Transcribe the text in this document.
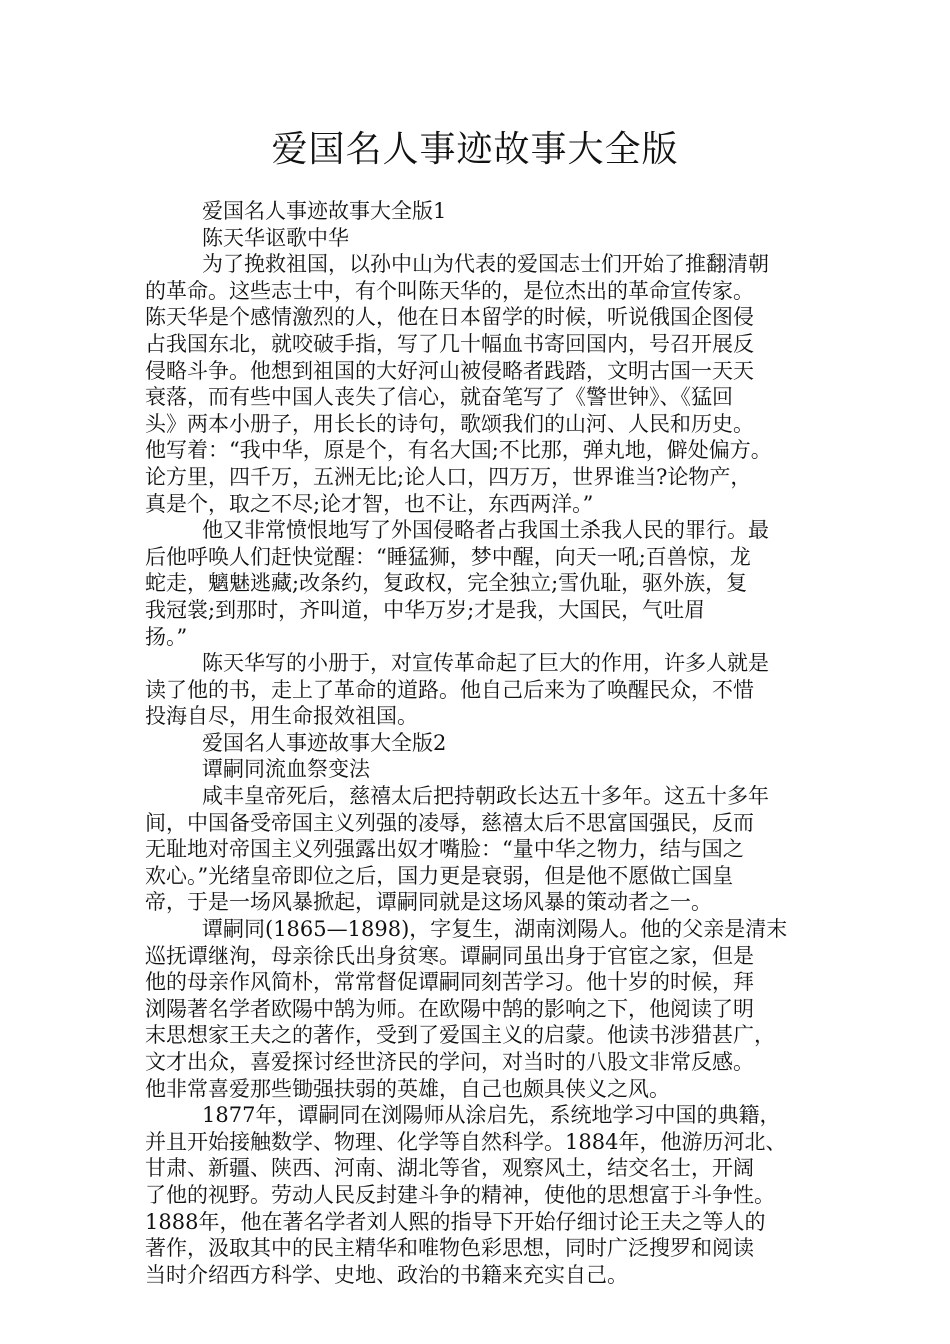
爱国名人事迹故事大全版
爱国名人事迹故事大全版1
陈天华讴歌中华
为了挽救祖国，以孙中山为代表的爱国志士们开始了推翻清朝
的革命。这些志士中，有个叫陈天华的，是位杰出的革命宣传家。
陈天华是个感情激烈的人，他在日本留学的时候，听说俄国企图侵
占我国东北，就咬破手指，写了几十幅血书寄回国内，号召开展反
侵略斗争。他想到祖国的大好河山被侵略者践踏，文明古国一天天
衰落，而有些中国人丧失了信心，就奋笔写了《警世钟》、《猛回
头》两本小册子，用长长的诗句，歌颂我们的山河、人民和历史。
他写着：“我中华，原是个，有名大国;不比那，弹丸地，僻处偏方。
论方里，四千万，五洲无比;论人口，四万万，世界谁当?论物产，
真是个，取之不尽;论才智，也不让，东西两洋。”
他又非常愤恨地写了外国侵略者占我国土杀我人民的罪行。最
后他呼唤人们赶快觉醒：“睡猛狮，梦中醒，向天一吼;百兽惊，龙
蛇走，魑魅逃藏;改条约，复政权，完全独立;雪仇耻，驱外族，复
我冠裳;到那时，齐叫道，中华万岁;才是我，大国民，气吐眉
扬。”
陈天华写的小册于，对宣传革命起了巨大的作用，许多人就是
读了他的书，走上了革命的道路。他自己后来为了唤醒民众，不惜
投海自尽，用生命报效祖国。
爱国名人事迹故事大全版2
谭嗣同流血祭变法
咸丰皇帝死后，慈禧太后把持朝政长达五十多年。这五十多年
间，中国备受帝国主义列强的凌辱，慈禧太后不思富国强民，反而
无耻地对帝国主义列强露出奴才嘴脸：“量中华之物力，结与国之
欢心。”光绪皇帝即位之后，国力更是衰弱，但是他不愿做亡国皇
帝，于是一场风暴掀起，谭嗣同就是这场风暴的策动者之一。
谭嗣同(1865—1898)，字复生，湖南浏陽人。他的父亲是清末
巡抚谭继洵，母亲徐氏出身贫寒。谭嗣同虽出身于官宦之家，但是
他的母亲作风简朴，常常督促谭嗣同刻苦学习。他十岁的时候，拜
浏陽著名学者欧陽中鹄为师。在欧陽中鹄的影响之下，他阅读了明
末思想家王夫之的著作，受到了爱国主义的启蒙。他读书涉猎甚广，
文才出众，喜爱探讨经世济民的学问，对当时的八股文非常反感。
他非常喜爱那些锄强扶弱的英雄，自己也颇具侠义之风。
1877年，谭嗣同在浏陽师从涂启先，系统地学习中国的典籍，
并且开始接触数学、物理、化学等自然科学。1884年，他游历河北、
甘肃、新疆、陕西、河南、湖北等省，观察风土，结交名士，开阔
了他的视野。劳动人民反封建斗争的精神，使他的思想富于斗争性。
1888年，他在著名学者刘人熙的指导下开始仔细讨论王夫之等人的
著作，汲取其中的民主精华和唯物色彩思想，同时广泛搜罗和阅读
当时介绍西方科学、史地、政治的书籍来充实自己。
